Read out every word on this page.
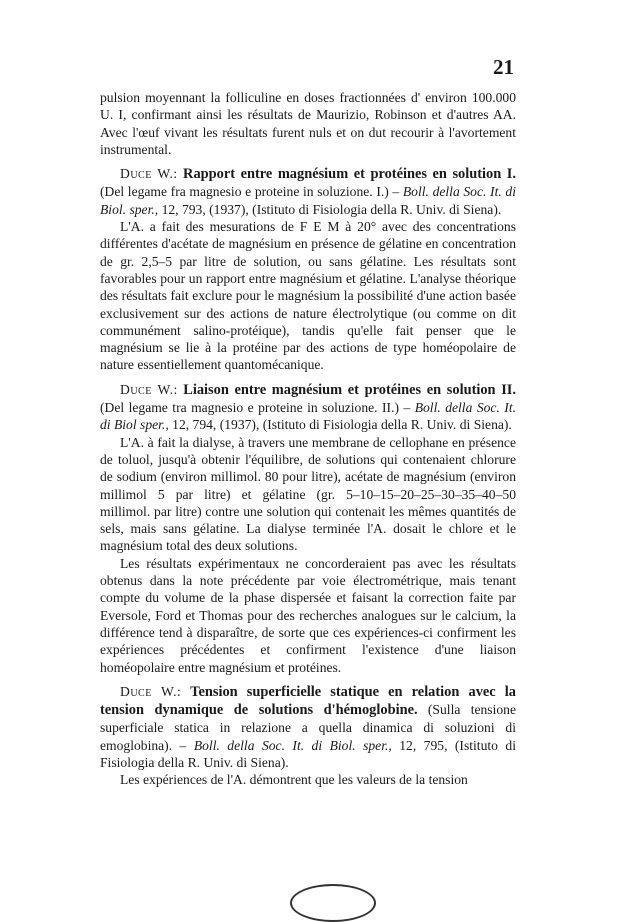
21

pulsion moyennant la folliculine en doses fractionnées d' environ 100.000 U. I, confirmant ainsi les résultats de Maurizio, Robinson et d'autres AA. Avec l'œuf vivant les résultats furent nuls et on dut recourir à l'avortement instrumental.

Duce W.: Rapport entre magnésium et protéines en solution I. (Del legame fra magnesio e proteine in soluzione. I.) – Boll. della Soc. It. di Biol. sper., 12, 793, (1937), (Istituto di Fisiologia della R. Univ. di Siena).

L'A. a fait des mesurations de F E M à 20° avec des concentrations différentes d'acétate de magnésium en présence de gélatine en concentration de gr. 2,5–5 par litre de solution, ou sans gélatine. Les résultats sont favorables pour un rapport entre magnésium et gélatine. L'analyse théorique des résultats fait exclure pour le magnésium la possibilité d'une action basée exclusivement sur des actions de nature électrolytique (ou comme on dit communément salino-protéique), tandis qu'elle fait penser que le magnésium se lie à la protéine par des actions de type homéopolaire de nature essentiellement quantomécanique.

Duce W.: Liaison entre magnésium et protéines en solution II. (Del legame tra magnesio e proteine in soluzione. II.) – Boll. della Soc. It. di Biol sper., 12, 794, (1937), (Istituto di Fisiologia della R. Univ. di Siena).

L'A. à fait la dialyse, à travers une membrane de cellophane en présence de toluol, jusqu'à obtenir l'équilibre, de solutions qui contenaient chlorure de sodium (environ millimol. 80 pour litre), acétate de magnésium (environ millimol 5 par litre) et gélatine (gr. 5–10–15–20–25–30–35–40–50 millimol. par litre) contre une solution qui contenait les mêmes quantités de sels, mais sans gélatine. La dialyse terminée l'A. dosait le chlore et le magnésium total des deux solutions.

Les résultats expérimentaux ne concorderaient pas avec les résultats obtenus dans la note précédente par voie électrométrique, mais tenant compte du volume de la phase dispersée et faisant la correction faite par Eversole, Ford et Thomas pour des recherches analogues sur le calcium, la différence tend à disparaître, de sorte que ces expériences-ci confirment les expériences précédentes et confirment l'existence d'une liaison homéopolaire entre magnésium et protéines.

Duce W.: Tension superficielle statique en relation avec la tension dynamique de solutions d'hémoglobine. (Sulla tensione superficiale statica in relazione a quella dinamica di soluzioni di emoglobina). – Boll. della Soc. It. di Biol. sper., 12, 795, (Istituto di Fisiologia della R. Univ. di Siena).

Les expériences de l'A. démontrent que les valeurs de la tension
